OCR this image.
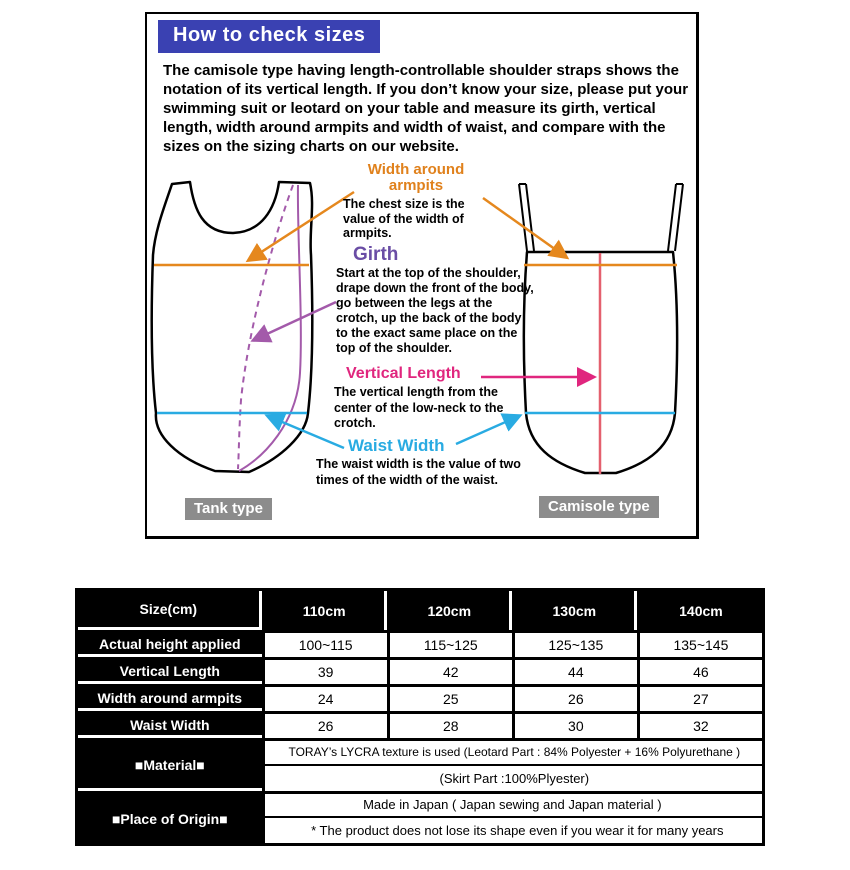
How to check sizes

The camisole type having length-controllable shoulder straps shows the notation of its vertical length. If you don’t know your size, please put your swimming suit or leotard on your table and measure its girth, vertical length, width around armpits and width of waist, and compare with the sizes on the sizing charts on our website.

Width around armpits
The chest size is the value of the width of armpits.
Girth
Start at the top of the shoulder, drape down the front of the body, go between the legs at the crotch, up the back of the body to the exact same place on the top of the shoulder.
Vertical Length
The vertical length from the center of the low-neck to the crotch.
Waist Width
The waist width is the value of two times of the width of the waist.
Tank type	Camisole type
Size(cm)	110cm	120cm	130cm	140cm
Actual height applied	100~115	115~125	125~135	135~145
Vertical Length	39	42	44	46
Width around armpits	24	25	26	27
Waist Width	26	28	30	32
■Material■	TORAY’s LYCRA texture is used (Leotard Part : 84% Polyester + 16% Polyurethane )
(Skirt Part :100%Plyester)			

■Place of Origin■	Made in Japan ( Japan sewing and Japan material )
* The product does not lose its shape even if you wear it for many years			
